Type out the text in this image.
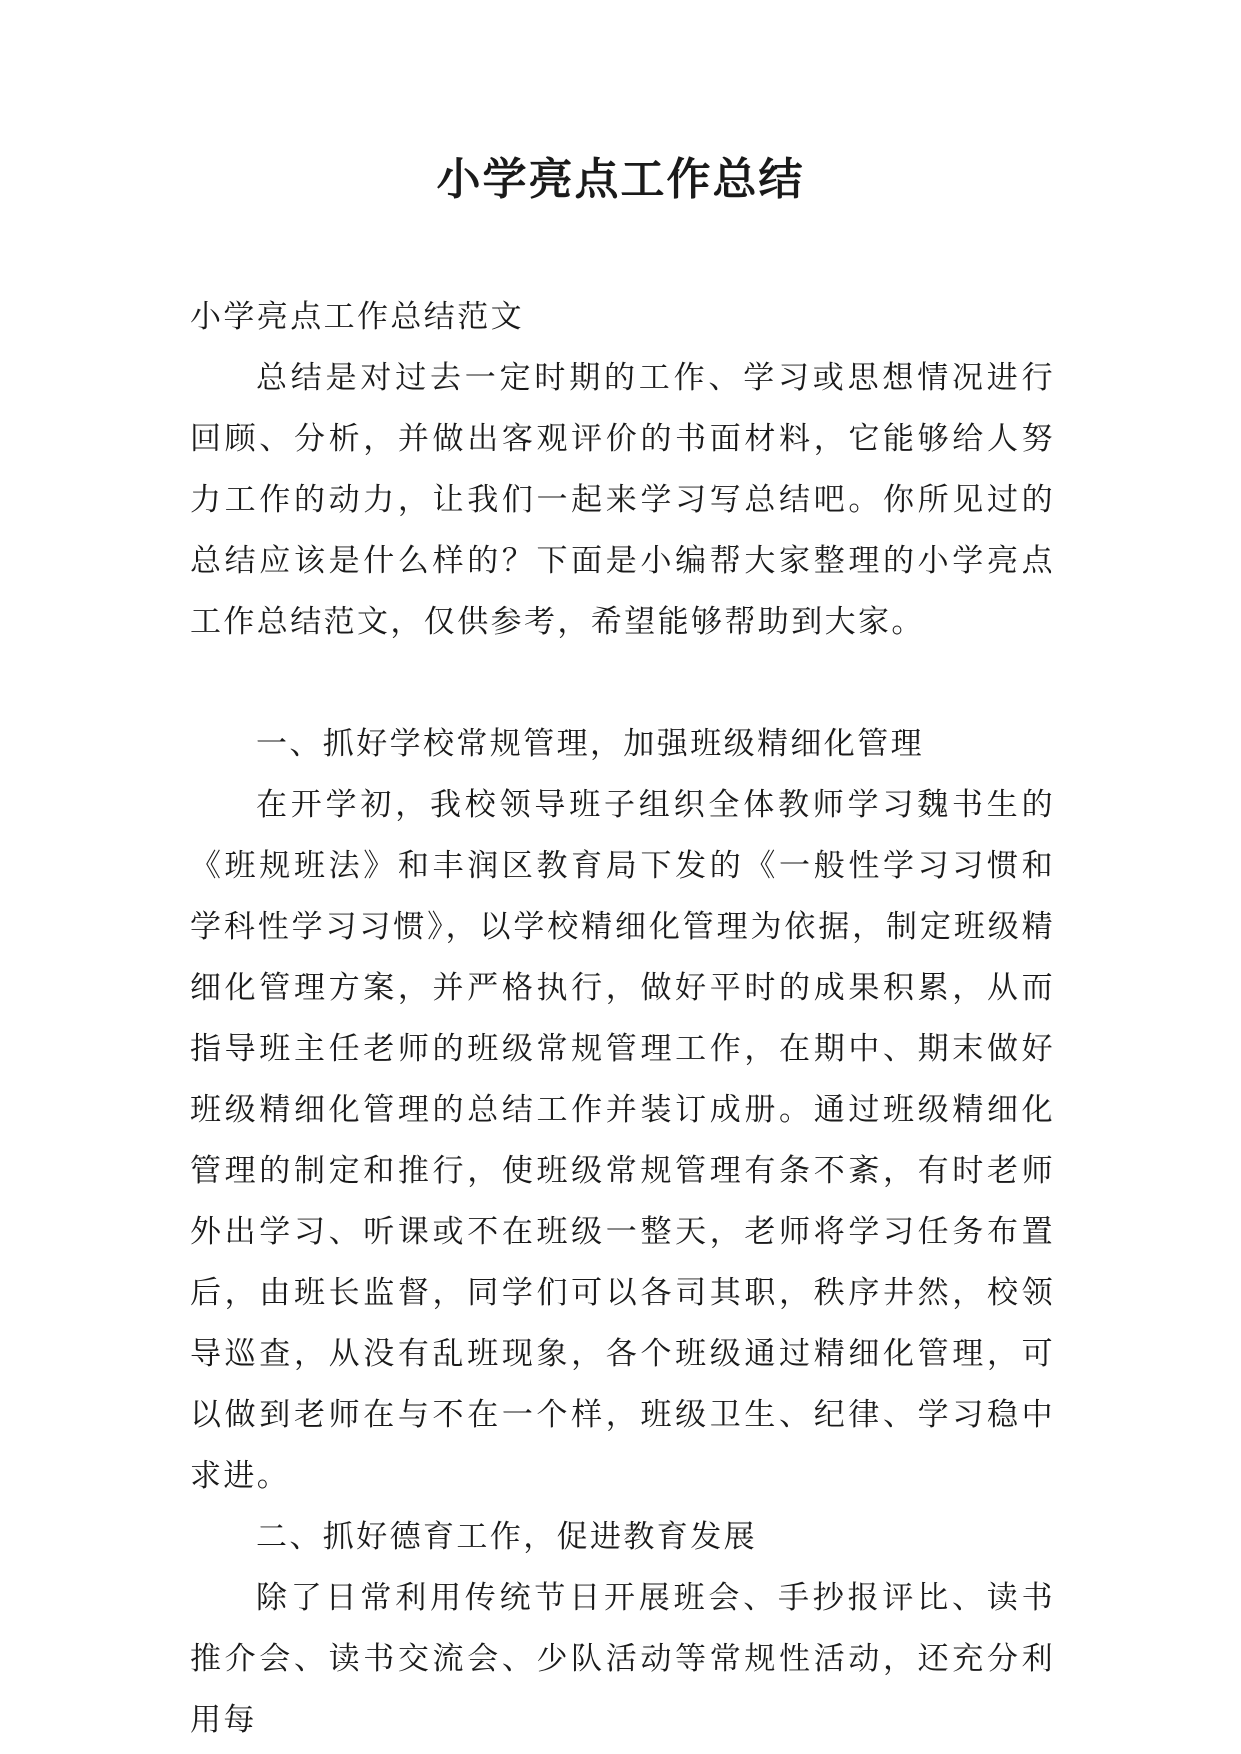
小学亮点工作总结

小学亮点工作总结范文

总结是对过去一定时期的工作、学习或思想情况进行回顾、分析，并做出客观评价的书面材料，它能够给人努力工作的动力，让我们一起来学习写总结吧。你所见过的总结应该是什么样的？下面是小编帮大家整理的小学亮点工作总结范文，仅供参考，希望能够帮助到大家。

一、抓好学校常规管理，加强班级精细化管理

在开学初，我校领导班子组织全体教师学习魏书生的《班规班法》和丰润区教育局下发的《一般性学习习惯和学科性学习习惯》，以学校精细化管理为依据，制定班级精细化管理方案，并严格执行，做好平时的成果积累，从而指导班主任老师的班级常规管理工作，在期中、期末做好班级精细化管理的总结工作并装订成册。通过班级精细化管理的制定和推行，使班级常规管理有条不紊，有时老师外出学习、听课或不在班级一整天，老师将学习任务布置后，由班长监督，同学们可以各司其职，秩序井然，校领导巡查，从没有乱班现象，各个班级通过精细化管理，可以做到老师在与不在一个样，班级卫生、纪律、学习稳中求进。

二、抓好德育工作，促进教育发展

除了日常利用传统节日开展班会、手抄报评比、读书推介会、读书交流会、少队活动等常规性活动，还充分利用每
